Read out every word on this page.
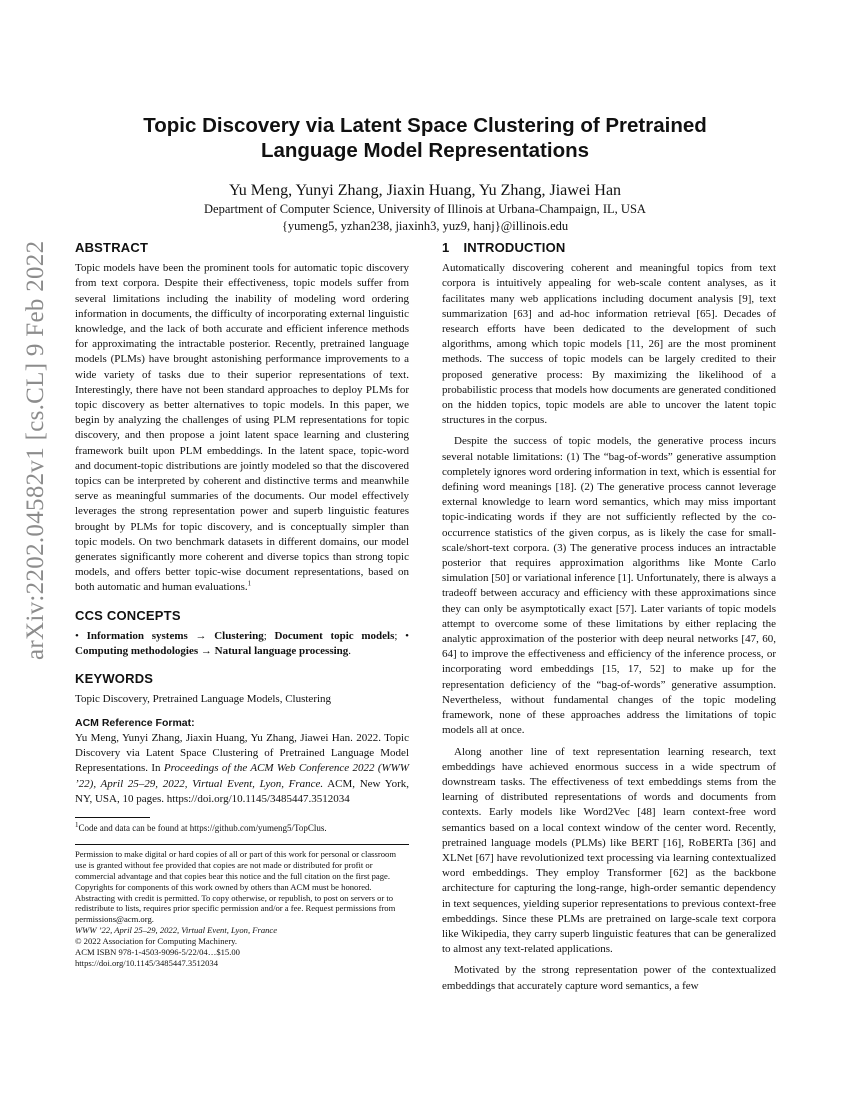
arXiv:2202.04582v1 [cs.CL] 9 Feb 2022
Topic Discovery via Latent Space Clustering of Pretrained
Language Model Representations
Yu Meng, Yunyi Zhang, Jiaxin Huang, Yu Zhang, Jiawei Han
Department of Computer Science, University of Illinois at Urbana-Champaign, IL, USA
{yumeng5, yzhan238, jiaxinh3, yuz9, hanj}@illinois.edu
ABSTRACT

Topic models have been the prominent tools for automatic topic discovery from text corpora. Despite their effectiveness, topic models suffer from several limitations including the inability of modeling word ordering information in documents, the difficulty of incorporating external linguistic knowledge, and the lack of both accurate and efficient inference methods for approximating the intractable posterior. Recently, pretrained language models (PLMs) have brought astonishing performance improvements to a wide variety of tasks due to their superior representations of text. Interestingly, there have not been standard approaches to deploy PLMs for topic discovery as better alternatives to topic models. In this paper, we begin by analyzing the challenges of using PLM representations for topic discovery, and then propose a joint latent space learning and clustering framework built upon PLM embeddings. In the latent space, topic-word and document-topic distributions are jointly modeled so that the discovered topics can be interpreted by coherent and distinctive terms and meanwhile serve as meaningful summaries of the documents. Our model effectively leverages the strong representation power and superb linguistic features brought by PLMs for topic discovery, and is conceptually simpler than topic models. On two benchmark datasets in different domains, our model generates significantly more coherent and diverse topics than strong topic models, and offers better topic-wise document representations, based on both automatic and human evaluations.$^1$

CCS CONCEPTS

• Information systems → Clustering; Document topic models; • Computing methodologies → Natural language processing.

KEYWORDS

Topic Discovery, Pretrained Language Models, Clustering

ACM Reference Format:

Yu Meng, Yunyi Zhang, Jiaxin Huang, Yu Zhang, Jiawei Han. 2022. Topic Discovery via Latent Space Clustering of Pretrained Language Model Representations. In Proceedings of the ACM Web Conference 2022 (WWW ’22), April 25–29, 2022, Virtual Event, Lyon, France. ACM, New York, NY, USA, 10 pages. https://doi.org/10.1145/3485447.3512034

$^1$Code and data can be found at https://github.com/yumeng5/TopClus.
Permission to make digital or hard copies of all or part of this work for personal or classroom use is granted without fee provided that copies are not made or distributed for profit or commercial advantage and that copies bear this notice and the full citation on the first page. Copyrights for components of this work owned by others than ACM must be honored. Abstracting with credit is permitted. To copy otherwise, or republish, to post on servers or to redistribute to lists, requires prior specific permission and/or a fee. Request permissions from permissions@acm.org.
WWW ’22, April 25–29, 2022, Virtual Event, Lyon, France
© 2022 Association for Computing Machinery.
ACM ISBN 978-1-4503-9096-5/22/04…$15.00
https://doi.org/10.1145/3485447.3512034
1 INTRODUCTION

Automatically discovering coherent and meaningful topics from text corpora is intuitively appealing for web-scale content analyses, as it facilitates many web applications including document analysis [9], text summarization [63] and ad-hoc information retrieval [65]. Decades of research efforts have been dedicated to the development of such algorithms, among which topic models [11, 26] are the most prominent methods. The success of topic models can be largely credited to their proposed generative process: By maximizing the likelihood of a probabilistic process that models how documents are generated conditioned on the hidden topics, topic models are able to uncover the latent topic structures in the corpus.

Despite the success of topic models, the generative process incurs several notable limitations: (1) The “bag-of-words” generative assumption completely ignores word ordering information in text, which is essential for defining word meanings [18]. (2) The generative process cannot leverage external knowledge to learn word semantics, which may miss important topic-indicating words if they are not sufficiently reflected by the co-occurrence statistics of the given corpus, as is likely the case for small-scale/short-text corpora. (3) The generative process induces an intractable posterior that requires approximation algorithms like Monte Carlo simulation [50] or variational inference [1]. Unfortunately, there is always a tradeoff between accuracy and efficiency with these approximations since they can only be asymptotically exact [57]. Later variants of topic models attempt to overcome some of these limitations by either replacing the analytic approximation of the posterior with deep neural networks [47, 60, 64] to improve the effectiveness and efficiency of the inference process, or incorporating word embeddings [15, 17, 52] to make up for the representation deficiency of the “bag-of-words” generative assumption. Nevertheless, without fundamental changes of the topic modeling framework, none of these approaches address the limitations of topic models all at once.

Along another line of text representation learning research, text embeddings have achieved enormous success in a wide spectrum of downstream tasks. The effectiveness of text embeddings stems from the learning of distributed representations of words and documents from contexts. Early models like Word2Vec [48] learn context-free word semantics based on a local context window of the center word. Recently, pretrained language models (PLMs) like BERT [16], RoBERTa [36] and XLNet [67] have revolutionized text processing via learning contextualized word embeddings. They employ Transformer [62] as the backbone architecture for capturing the long-range, high-order semantic dependency in text sequences, yielding superior representations to previous context-free embeddings. Since these PLMs are pretrained on large-scale text corpora like Wikipedia, they carry superb linguistic features that can be generalized to almost any text-related applications.

Motivated by the strong representation power of the contextualized embeddings that accurately capture word semantics, a few
